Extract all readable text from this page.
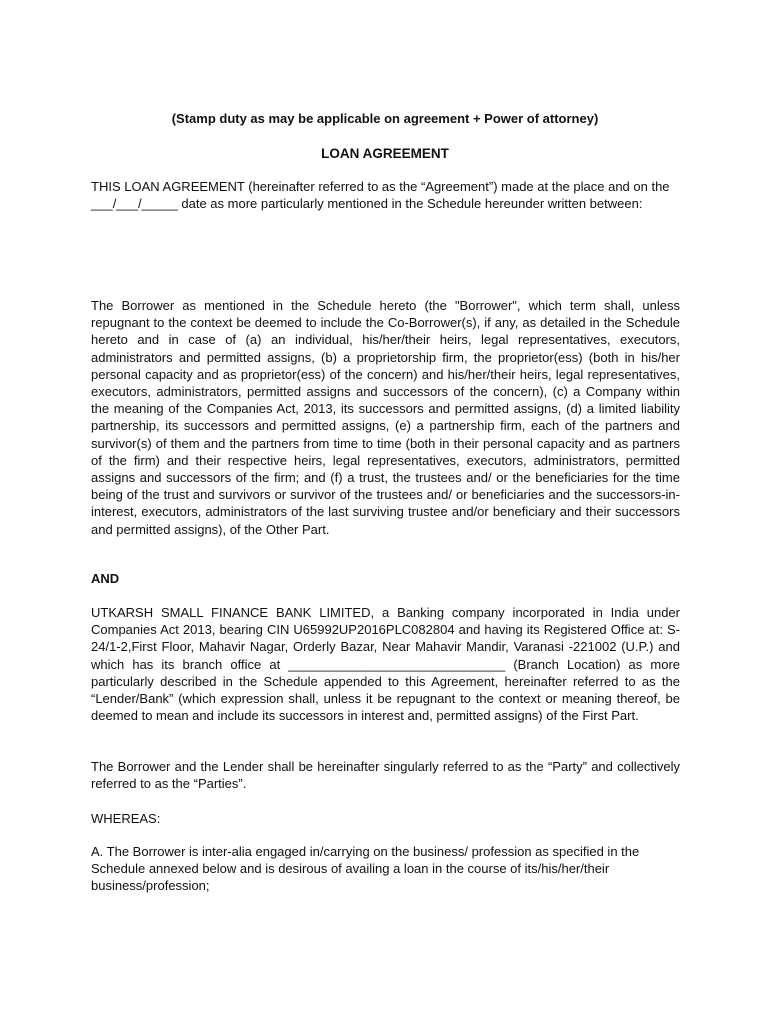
(Stamp duty as may be applicable on agreement + Power of attorney)
LOAN AGREEMENT

THIS LOAN AGREEMENT (hereinafter referred to as the “Agreement”) made at the place and on the ___/___/_____ date as more particularly mentioned in the Schedule hereunder written between:

The Borrower as mentioned in the Schedule hereto (the "Borrower", which term shall, unless repugnant to the context be deemed to include the Co-Borrower(s), if any, as detailed in the Schedule hereto and in case of (a) an individual, his/her/their heirs, legal representatives, executors, administrators and permitted assigns, (b) a proprietorship firm, the proprietor(ess) (both in his/her personal capacity and as proprietor(ess) of the concern) and his/her/their heirs, legal representatives, executors, administrators, permitted assigns and successors of the concern), (c) a Company within the meaning of the Companies Act, 2013, its successors and permitted assigns, (d) a limited liability partnership, its successors and permitted assigns, (e) a partnership firm, each of the partners and survivor(s) of them and the partners from time to time (both in their personal capacity and as partners of the firm) and their respective heirs, legal representatives, executors, administrators, permitted assigns and successors of the firm; and (f) a trust, the trustees and/ or the beneficiaries for the time being of the trust and survivors or survivor of the trustees and/ or beneficiaries and the successors-in-interest, executors, administrators of the last surviving trustee and/or beneficiary and their successors and permitted assigns), of the Other Part.

AND

UTKARSH SMALL FINANCE BANK LIMITED, a Banking company incorporated in India under Companies Act 2013, bearing CIN U65992UP2016PLC082804 and having its Registered Office at: S-24/1-2,First Floor, Mahavir Nagar, Orderly Bazar, Near Mahavir Mandir, Varanasi -221002 (U.P.) and which has its branch office at ______________________________ (Branch Location) as more particularly described in the Schedule appended to this Agreement, hereinafter referred to as the “Lender/Bank” (which expression shall, unless it be repugnant to the context or meaning thereof, be deemed to mean and include its successors in interest and, permitted assigns) of the First Part.

The Borrower and the Lender shall be hereinafter singularly referred to as the “Party” and collectively referred to as the “Parties”.

WHEREAS:

A. The Borrower is inter-alia engaged in/carrying on the business/ profession as specified in the Schedule annexed below and is desirous of availing a loan in the course of its/his/her/their business/profession;
